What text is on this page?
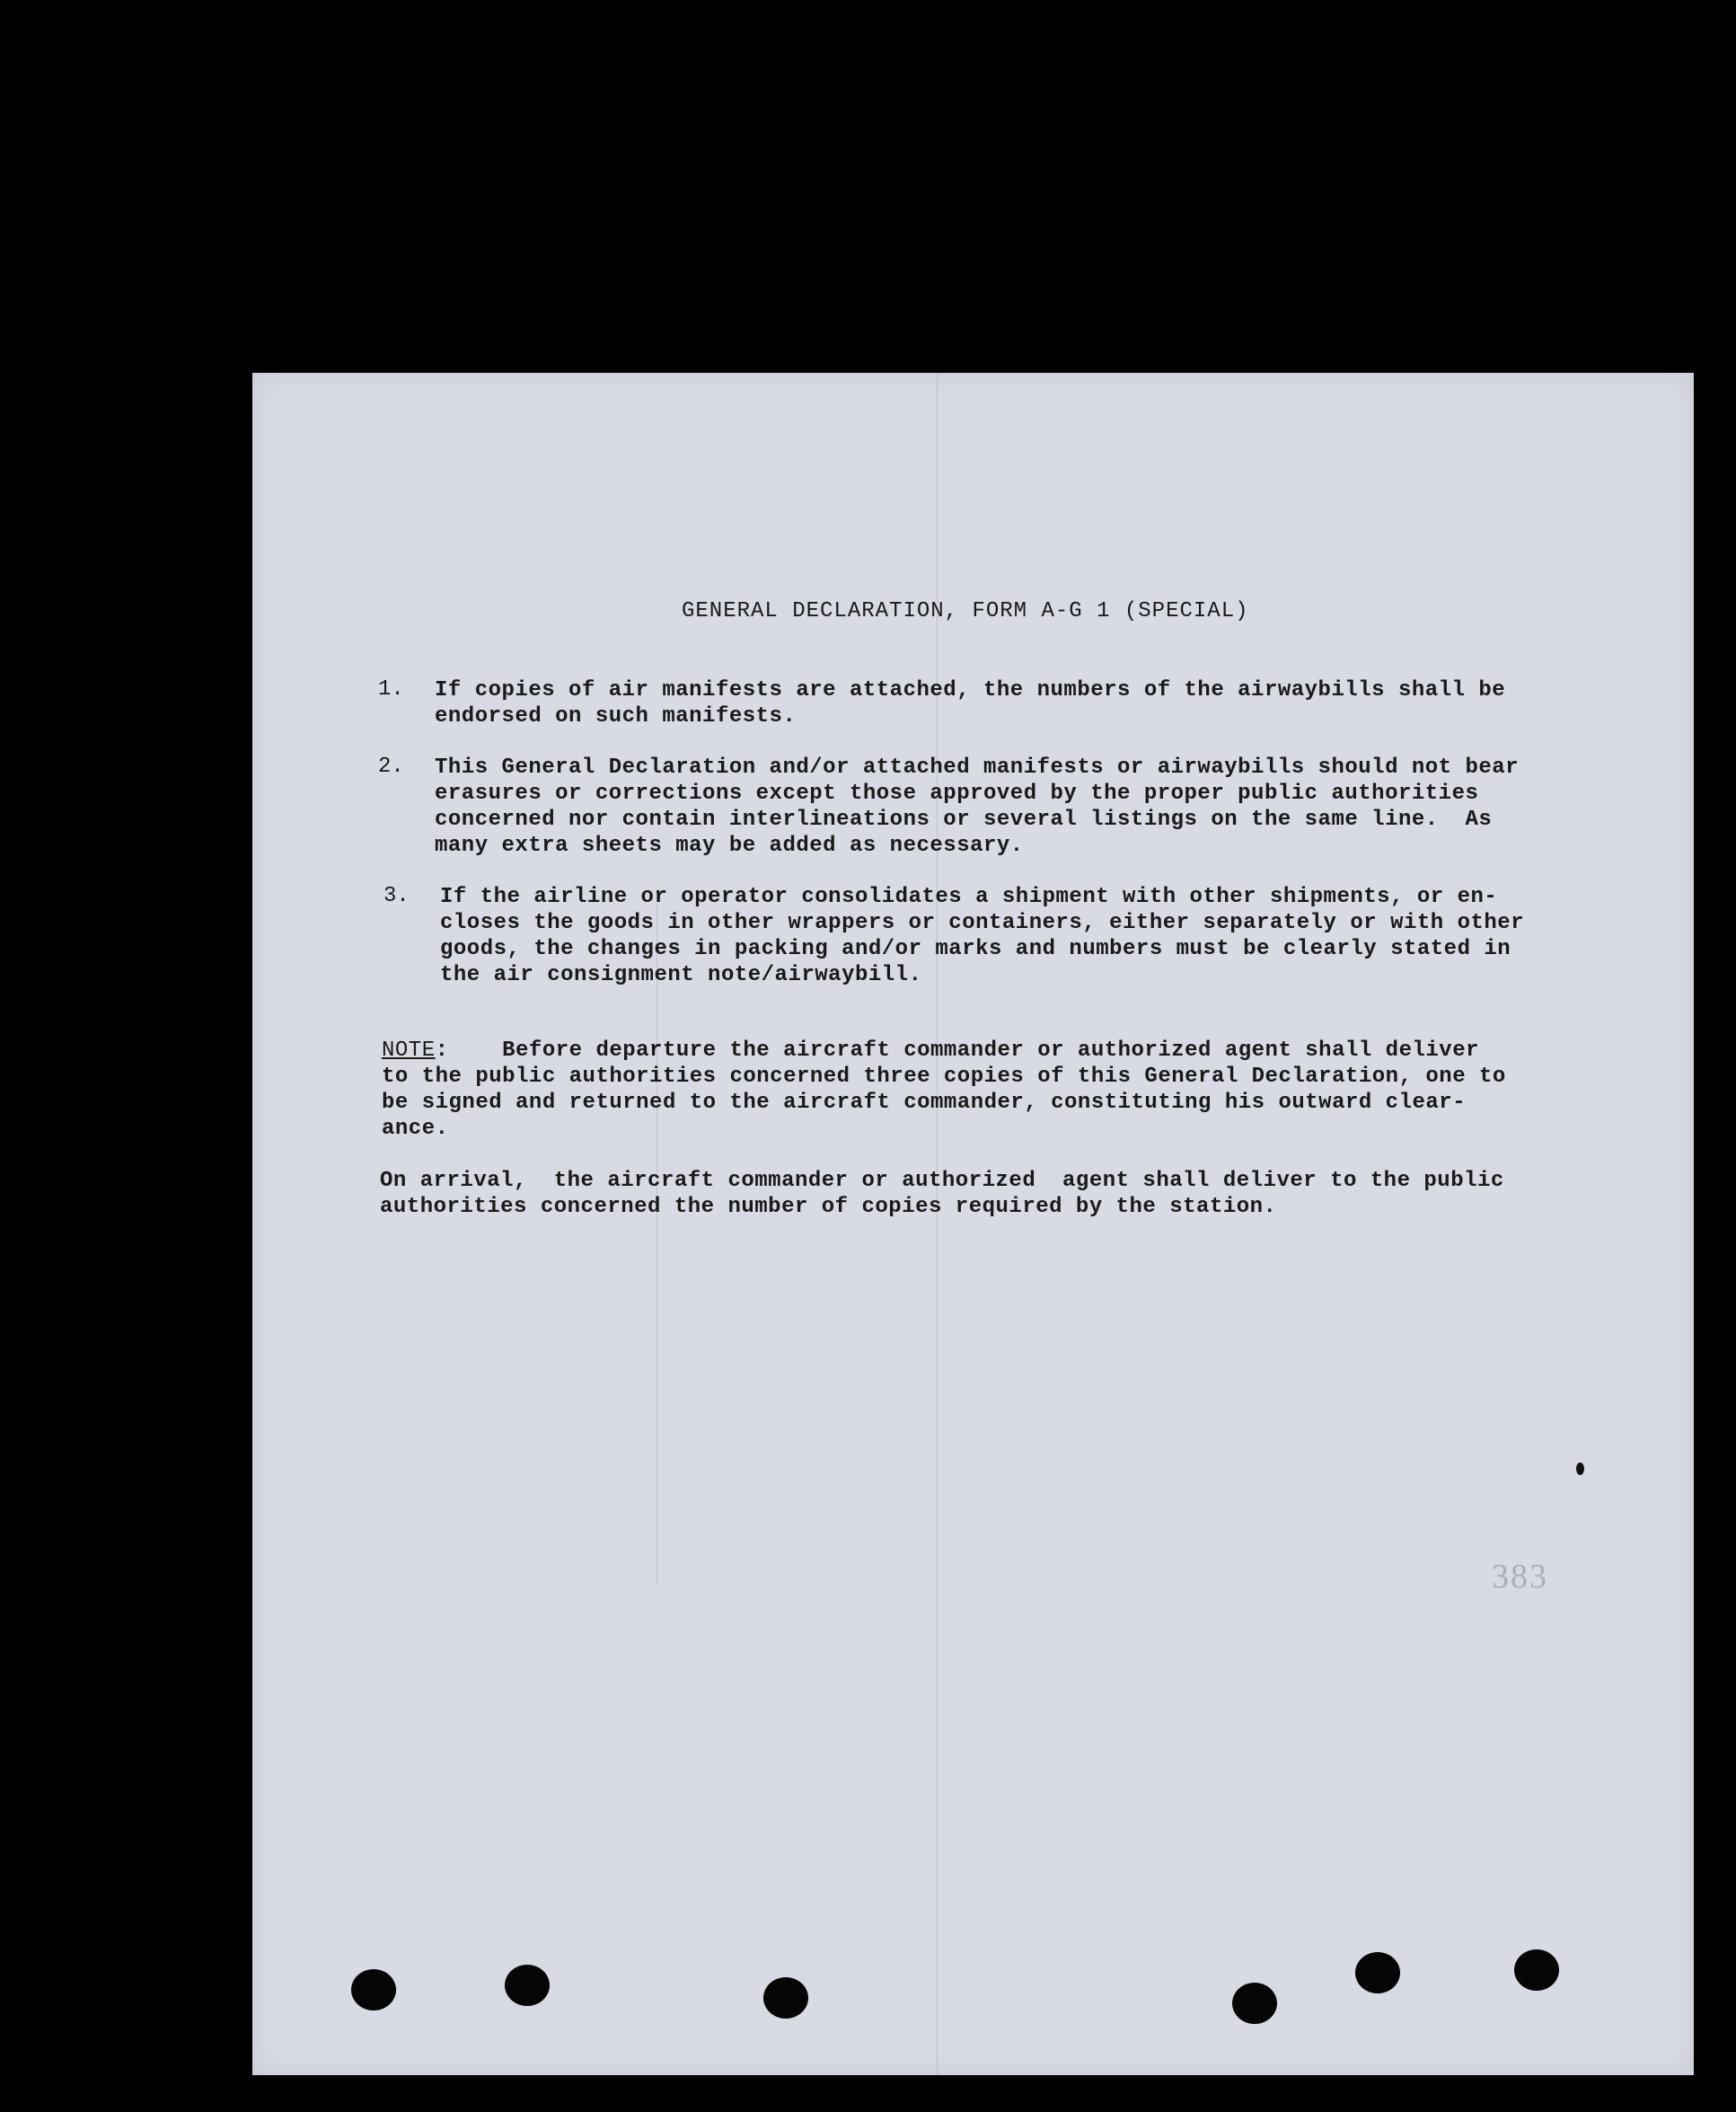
GENERAL DECLARATION, FORM A-G 1 (SPECIAL)
1. If copies of air manifests are attached, the numbers of the airwaybills shall be
endorsed on such manifests.
2. This General Declaration and/or attached manifests or airwaybills should not bear
erasures or corrections except those approved by the proper public authorities
concerned nor contain interlineations or several listings on the same line.  As
many extra sheets may be added as necessary.
3. If the airline or operator consolidates a shipment with other shipments, or en-
closes the goods in other wrappers or containers, either separately or with other
goods, the changes in packing and/or marks and numbers must be clearly stated in
the air consignment note/airwaybill.
NOTE:    Before departure the aircraft commander or authorized agent shall deliver
to the public authorities concerned three copies of this General Declaration, one to
be signed and returned to the aircraft commander, constituting his outward clear-
ance.
On arrival,  the aircraft commander or authorized  agent shall deliver to the public
authorities concerned the number of copies required by the station.
383
